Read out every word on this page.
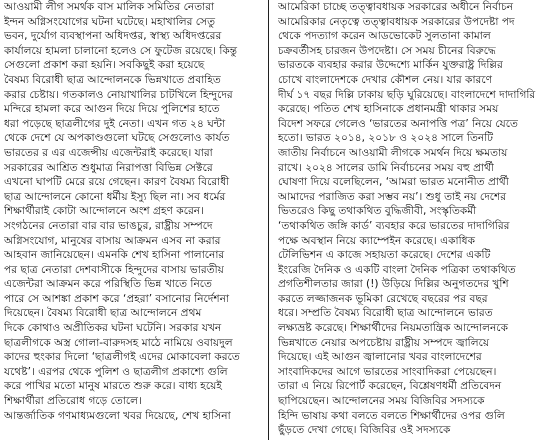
আওয়ামী লীগ সমর্থক বাস মালিক সমিতির নেতারা
ইন্দন অগ্নিসংযোগের ঘটনা ঘটেছে। মহাখালির সেতু
ভবন, দুর্যোগ ব্যবস্থাপনা অধিদপ্তর, স্বাস্থ্য অধিদপ্তরের
কার্যালয়ে হামলা চালানো হলেও সে ফুটেজ রয়েছে। কিন্তু
সেগুলো প্রকাশ করা হয়নি। সবকিছুই করা হয়েছে
বৈষম্য বিরোধী ছাত্র আন্দোলনকে ভিন্নখাতে প্রবাহিত
করার চেষ্টায়। গতকালও নোয়াখালির চাটখিলে হিন্দুদের
মন্দিরে হামলা করে আগুন দিয়ে দিয়ে পুলিশের হাতে
ধরা পড়েছে ছাত্রলীগের দুই নেতা। এখন গত ২৪ ঘন্টা
থেকে দেশে যে অপকাণ্ডগুলো ঘটছে সেগুলোও কার্যত
ভারতের র এর এজেন্সীয় এজেন্টরাই করেছে। যারা
সরকারের আশ্রিত শুধুমাত্র নিরাপত্তা বিভিন্ন সেক্টরে
এখনো ঘাপটি মেরে রয়ে গেছেন। কারণ বৈষম্য বিরোধী
ছাত্র আন্দোলনে কোনো ধর্মীয় ইস্যু ছিল না। সব ধর্মের
শিক্ষার্থীরাই কোটা আন্দোলনে অংশ গ্রহণ করেন।
সংগঠনের নেতারা বার বার ভাঙচুর, রাষ্ট্রীয় সম্পদে
অগ্নিসংযোগ, মানুষের বাসায় আক্রমন এসব না করার
আহবান জানিয়েছেন। এমনকি শেখ হাসিনা পালানোর
পর ছাত্র নেতারা দেশবাসীকে হিন্দুদের বাসায় ভারতীয়
এজেন্টরা আক্রমন করে পরিস্থিতি ভিন্ন খাতে নিতে
পারে সে আশঙ্কা প্রকাশ করে ‘প্রহরা’ বসানোর নির্দেশনা
দিয়েছেন। বৈষম্য বিরোধী ছাত্র আন্দোলনে প্রথম
দিকে কোথাও অপ্রীতিকর ঘটনা ঘটেনি। সরকার যখন
ছাত্রলীগকে অস্ত্র গোলা-বারুদসহ মাঠে নামিয়ে ওবায়দুল
কাদের হুংকার দিলো ‘ছাত্রলীগই এদের মোকাবেলা করতে
যথেষ্ট’। এরপর থেকে পুলিশ ও ছাত্রলীগ প্রকাশ্যে গুলি
করে পাখির মতো মানুষ মারতে শুরু করে। বাধ্য হয়েই
শিক্ষার্থীরা প্রতিরোধ গড়ে তোলে।
আন্তর্জাতিক গণমাধ্যমগুলো খবর দিয়েছে, শেখ হাসিনা
আমেরিকা চাচ্ছে তত্ত্বাবধায়ক সরকারের অধীনে নির্বাচন
আমেরিকার নেতৃত্বে তত্ত্বাবধায়ক সরকারের উপদেষ্টা পদ
থেকে পদত্যাগ করেন আডভোকেট সুলতানা কামাল
চক্রবর্তীসহ চারজন উপদেষ্টা। সে সময় চীনের বিরুদ্ধে
ভারতকে ব্যবহার করার উদ্দেশ্যে মার্কিন যুক্তরাষ্ট্র দিল্লির
চোখে বাংলাদেশকে দেখার কৌশল নেয়। যার কারণে
দীর্ঘ ১৭ বছর দিল্লি ঢাকায় ছড়ি ঘুরিয়েছে। বাংলাদেশে দাদাগিরি
করেছে। পতিত শেখ হাসিনাকে প্রধানমন্ত্রী থাকার সময়
বিদেশ সফরে গেলেও ‘ভারতের অনাপত্তি পত্র’ নিয়ে যেতে
হতো। ভারত ২০১৪, ২০১৮ ও ২০২৪ সালে তিনটি
জাতীয় নির্বাচনে আওয়ামী লীগকে সমর্থন দিয়ে ক্ষমতায়
রাখে। ২০২৪ সালের ডামি নির্বাচনের সময় বহু প্রার্থী
ঘোষণা দিয়ে বলেছিলেন, ‘আমরা ভারত মনোনীত প্রার্থী
আমাদের পরাজিত করা সম্ভব নয়’। শুধু তাই নয় দেশের
ভিতরেও কিছু তথাকথিত বুদ্ধিজীবী, সংস্কৃতিকর্মী
‘তথাকথিত জঙ্গি কার্ড’ ব্যবহার করে ভারতের দাদাগিরির
পক্ষে অবস্থান নিয়ে ক্যাম্পেইন করেছে। একাধিক
টেলিভিশন এ কাজে সহায়তা করেছে। দেশের একটি
ইংরেজি দৈনিক ও একটি বাংলা দৈনিক পত্রিকা তথাকথিত
প্রগতিশীলতার জারা (!) উড়িয়ে দিল্লির অনুগতদের খুশি
করতে লজ্জাজনক ভূমিকা রেখেছে বছরের পর বছর
ধরে। সম্প্রতি বৈষম্য বিরোধী ছাত্র আন্দোলনে ভারত
লক্ষ্যভ্রষ্ট করেছে। শিক্ষার্থীদের নিয়মতান্ত্রিক আন্দোলনকে
ভিন্নখাতে নেয়ার অপচেষ্টায় রাষ্ট্রীয় সম্পদে জ্বালিয়ে
দিয়েছে। এই আগুন জ্বালানোর খবর বাংলাদেশের
সাংবাদিকদের আগে ভারতের সাংবাদিকরা পেয়েছেন।
তারা এ নিয়ে রিপোর্ট করেছেন, বিশ্লেষণধর্মী প্রতিবেদন
ছাপিয়েছেন। আন্দোলনের সময় বিজিবির সদস্যকে
হিন্দি ভাষায় কথা বলতে বলতে শিক্ষার্থীদের ওপর গুলি
ছুঁড়তে দেখা গেছে। বিজিবির ওই সদস্যকে
